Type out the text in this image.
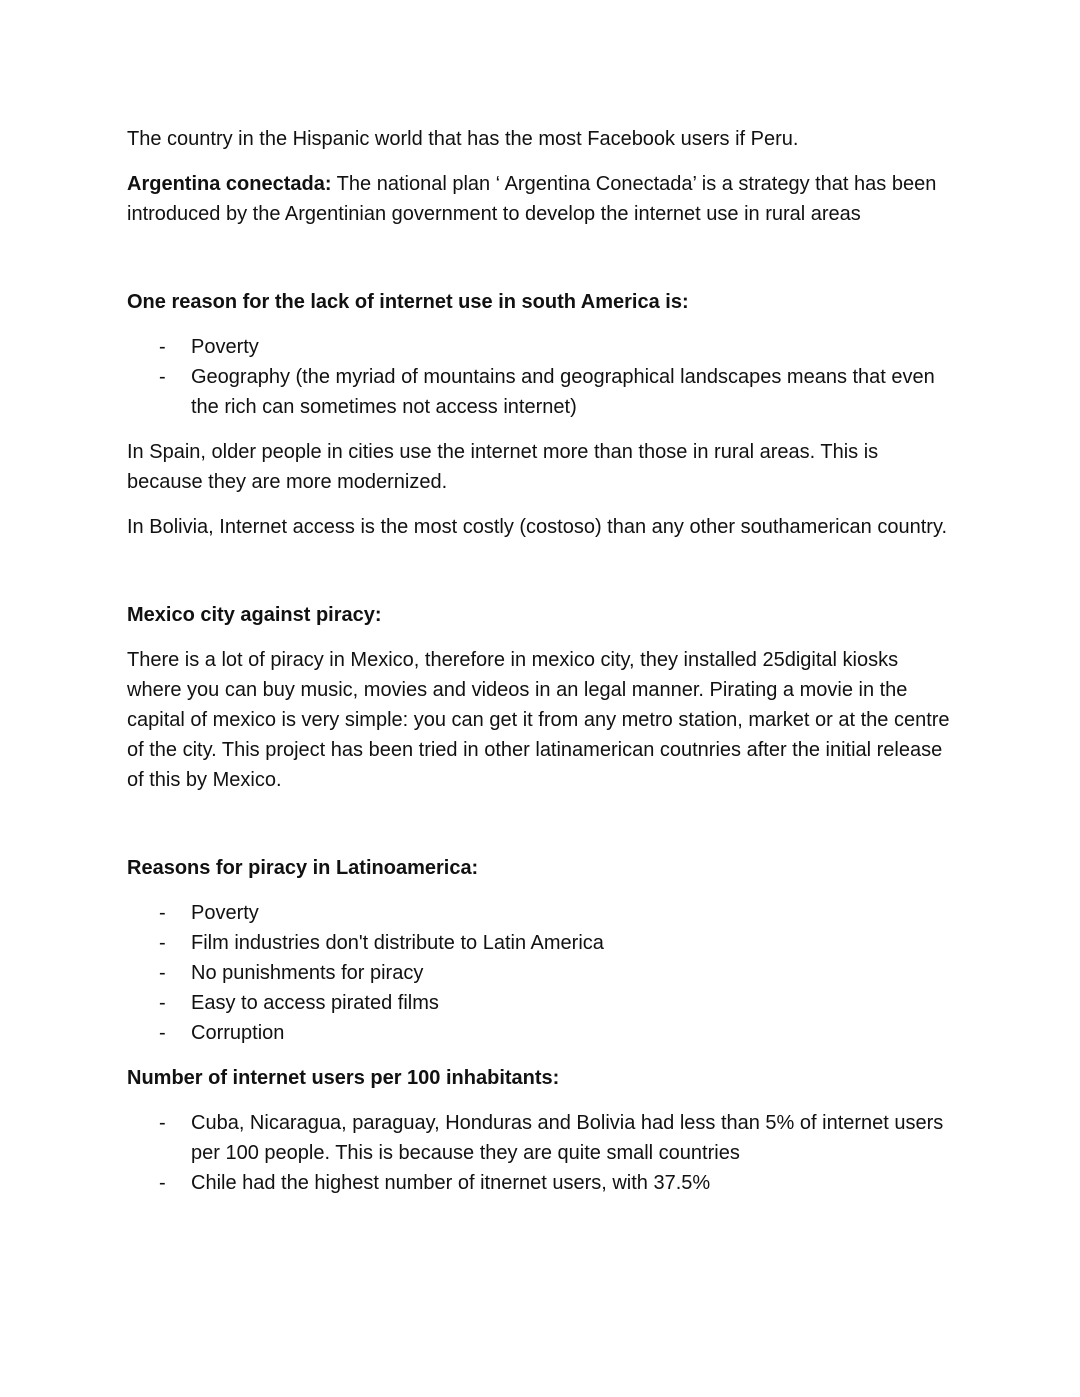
The country in the Hispanic world that has the most Facebook users if Peru.

Argentina conectada: The national plan ‘ Argentina Conectada’ is a strategy that has been introduced by the Argentinian government to develop the internet use in rural areas

One reason for the lack of internet use in south America is:

- Poverty
- Geography (the myriad of mountains and geographical landscapes means that even the rich can sometimes not access internet)

In Spain, older people in cities use the internet more than those in rural areas. This is because they are more modernized.

In Bolivia, Internet access is the most costly (costoso) than any other southamerican country.

Mexico city against piracy:

There is a lot of piracy in Mexico, therefore in mexico city, they installed 25digital kiosks where you can buy music, movies and videos in an legal manner. Pirating a movie in the capital of mexico is very simple: you can get it from any metro station, market or at the centre of the city. This project has been tried in other latinamerican coutnries after the initial release of this by Mexico.

Reasons for piracy in Latinoamerica:

- Poverty
- Film industries don't distribute to Latin America
- No punishments for piracy
- Easy to access pirated films
- Corruption

Number of internet users per 100 inhabitants:

- Cuba, Nicaragua, paraguay, Honduras and Bolivia had less than 5% of internet users per 100 people. This is because they are quite small countries
- Chile had the highest number of itnernet users, with 37.5%
